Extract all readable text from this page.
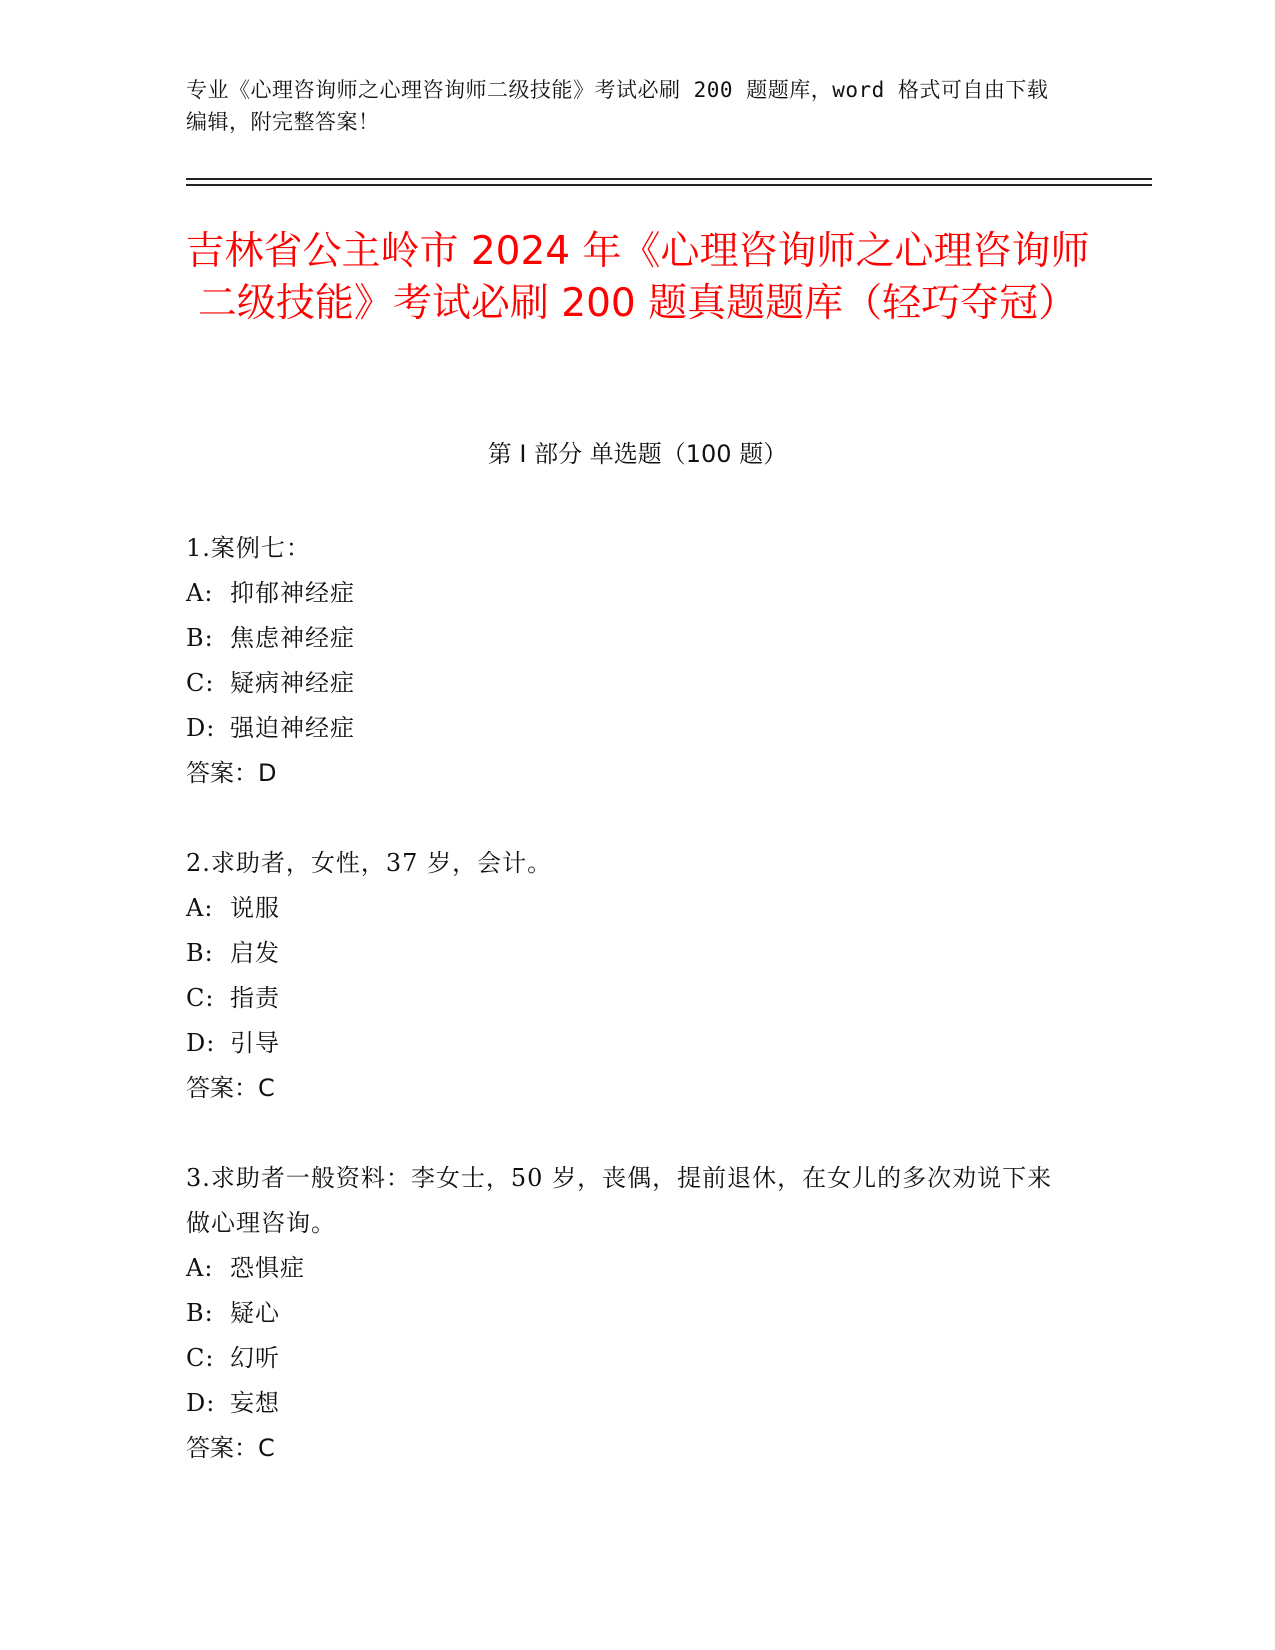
专业《心理咨询师之心理咨询师二级技能》考试必刷 200 题题库，word 格式可自由下载编辑，附完整答案！
吉林省公主岭市 2024 年《心理咨询师之心理咨询师二级技能》考试必刷 200 题真题题库（轻巧夺冠）
第 I 部分 单选题（100 题）
1.案例七：
A: 抑郁神经症
B: 焦虑神经症
C: 疑病神经症
D: 强迫神经症
答案：D
2.求助者，女性，37 岁，会计。
A: 说服
B: 启发
C: 指责
D: 引导
答案：C
3.求助者一般资料：李女士，50 岁，丧偶，提前退休，在女儿的多次劝说下来做心理咨询。
A: 恐惧症
B: 疑心
C: 幻听
D: 妄想
答案：C
